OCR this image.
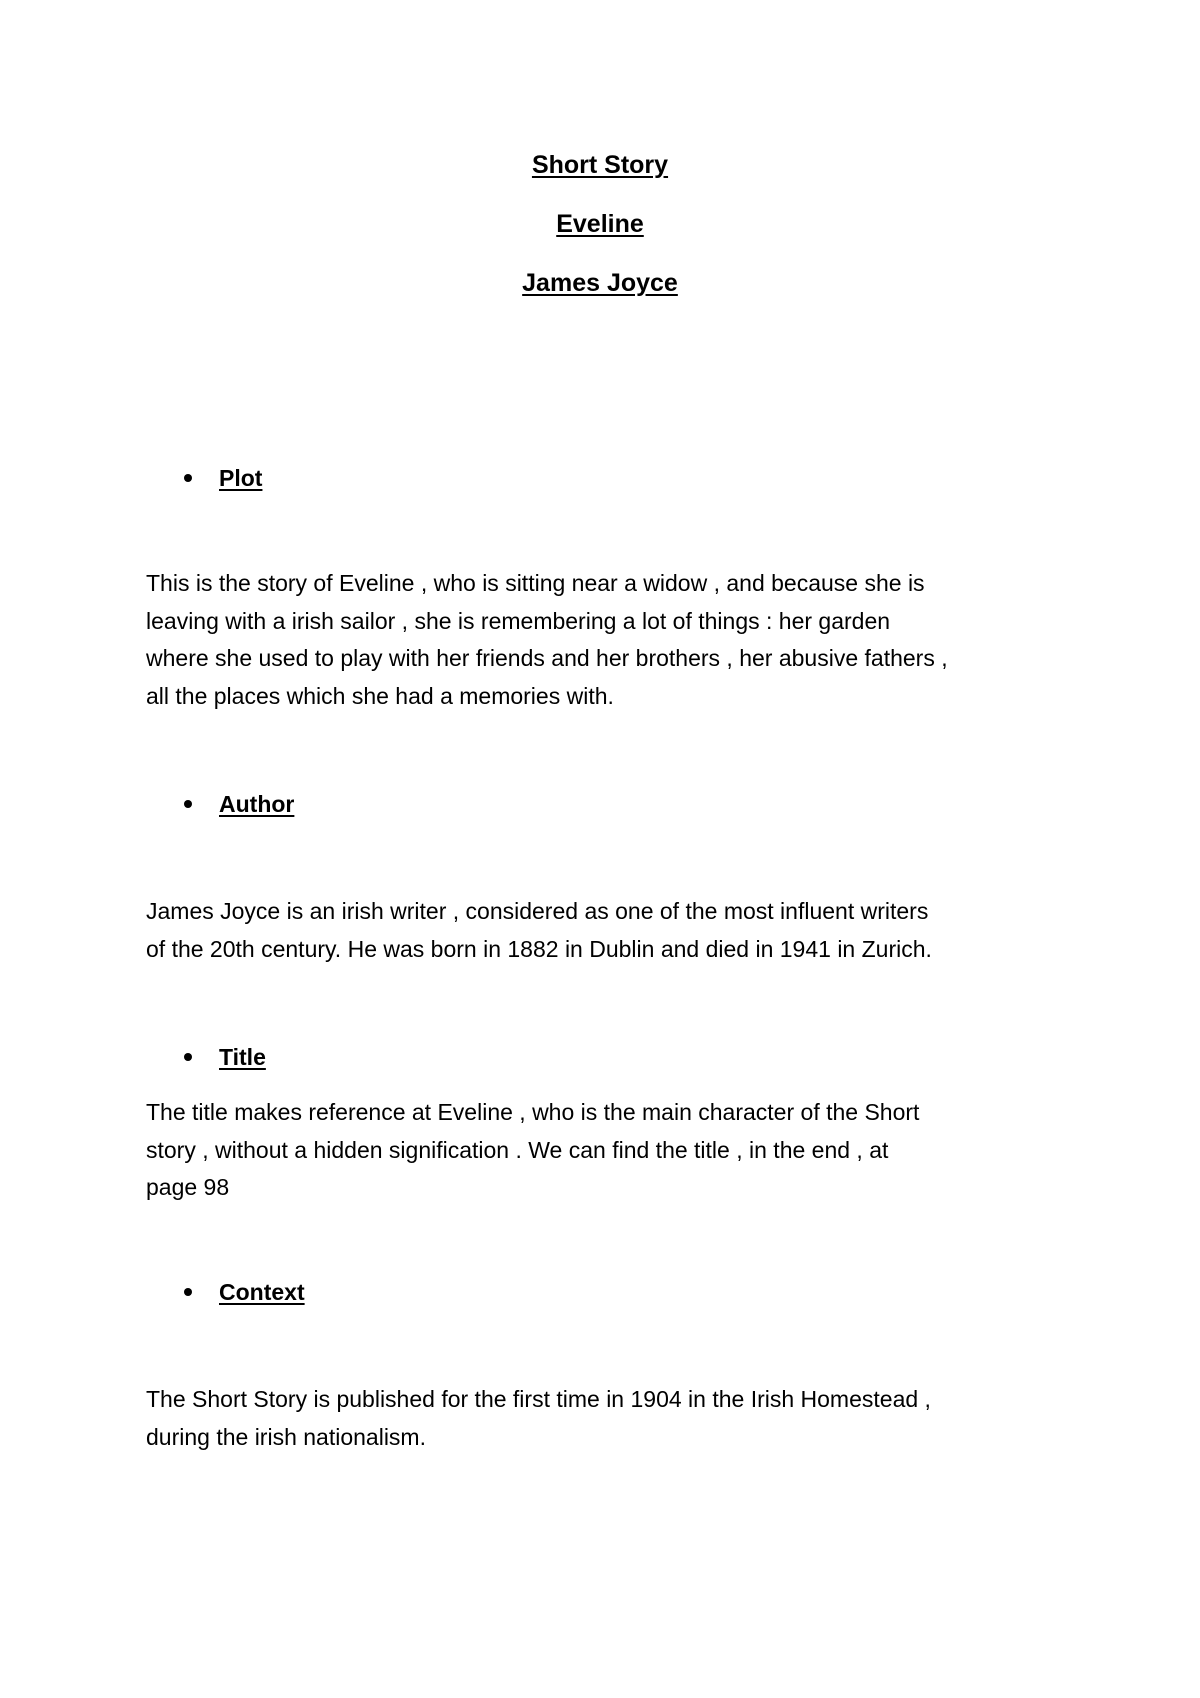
Short Story
Eveline
James Joyce
Plot
This is the story of Eveline , who is sitting near a widow , and because she is
leaving with a irish sailor , she is remembering a lot of things : her garden
where she used to play with her friends and her brothers , her abusive fathers ,
all the places which she had a memories with.
Author
James Joyce is an irish writer , considered as one of the most influent writers
of the 20th century. He was born in 1882 in Dublin and died in 1941 in Zurich.
Title
The title makes reference at Eveline , who is the main character of the Short
story , without a hidden signification . We can find the title , in the end , at
page 98
Context
The Short Story is published for the first time in 1904 in the Irish Homestead ,
during the irish nationalism.
